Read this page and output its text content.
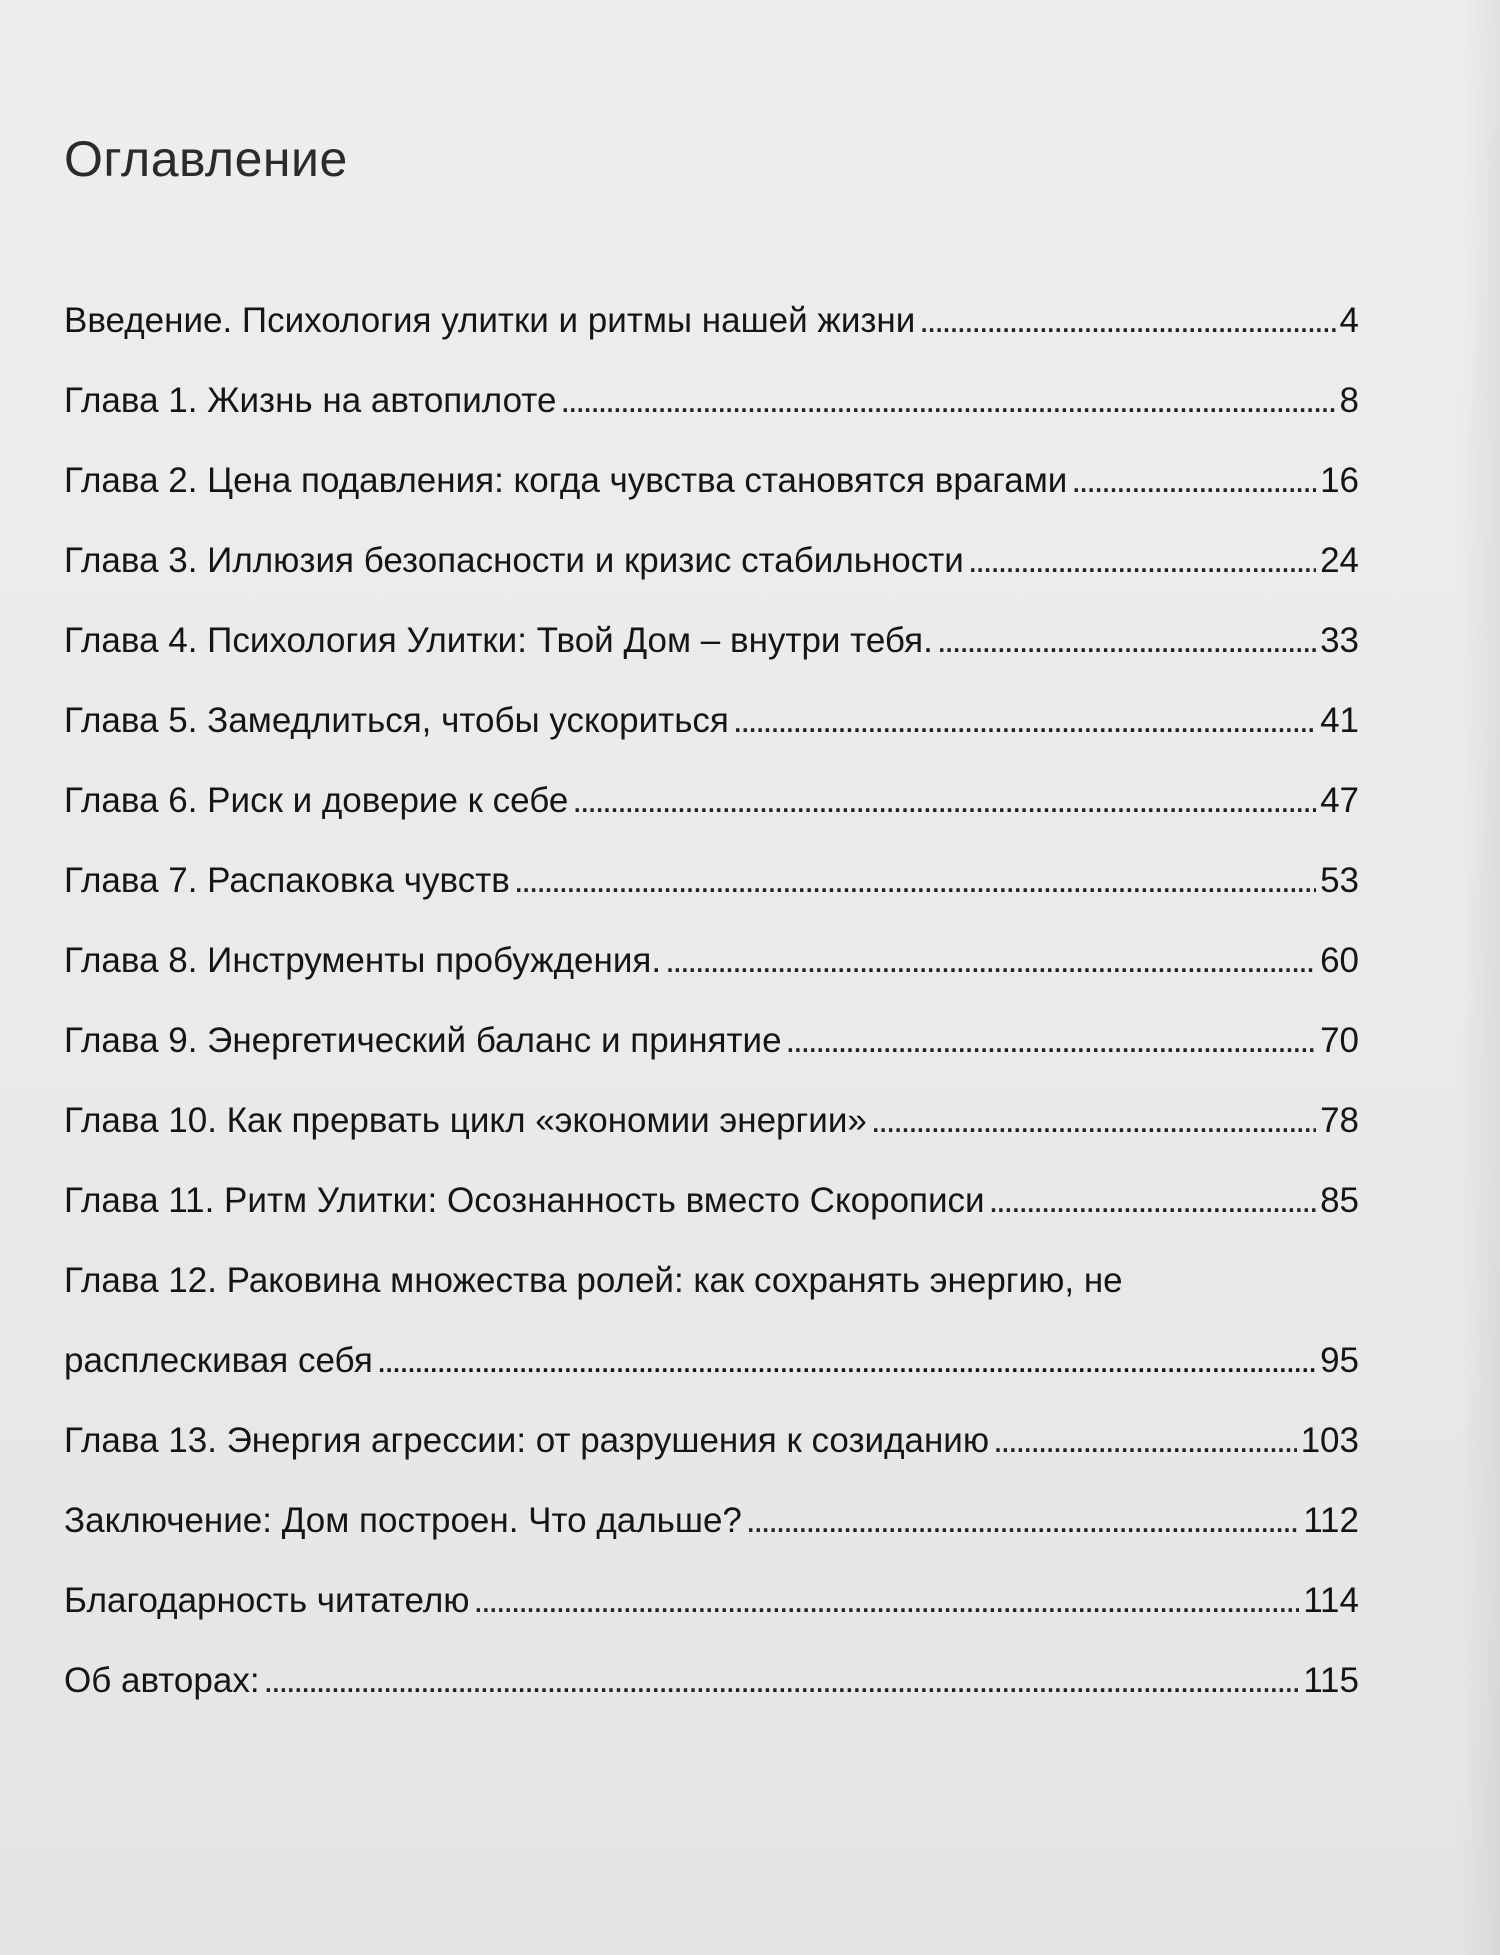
Оглавление
Введение. Психология улитки и ритмы нашей жизни . . .	4
Глава 1. Жизнь на автопилоте . . .	8
Глава 2. Цена подавления: когда чувства становятся врагами . . .	16
Глава 3. Иллюзия безопасности и кризис стабильности . . .	24
Глава 4. Психология Улитки: Твой Дом – внутри тебя. . . .	33
Глава 5. Замедлиться, чтобы ускориться . . .	41
Глава 6. Риск и доверие к себе . . .	47
Глава 7. Распаковка чувств . . .	53
Глава 8. Инструменты пробуждения. . . .	60
Глава 9. Энергетический баланс и принятие . . .	70
Глава 10. Как прервать цикл «экономии энергии» . . .	78
Глава 11. Ритм Улитки: Осознанность вместо Скорописи . . .	85
Глава 12. Раковина множества ролей: как сохранять энергию, не
расплескивая себя . . .	95
Глава 13. Энергия агрессии: от разрушения к созиданию . . .	103
Заключение: Дом построен. Что дальше? . . .	112
Благодарность читателю . . .	114
Об авторах: . . .	115
